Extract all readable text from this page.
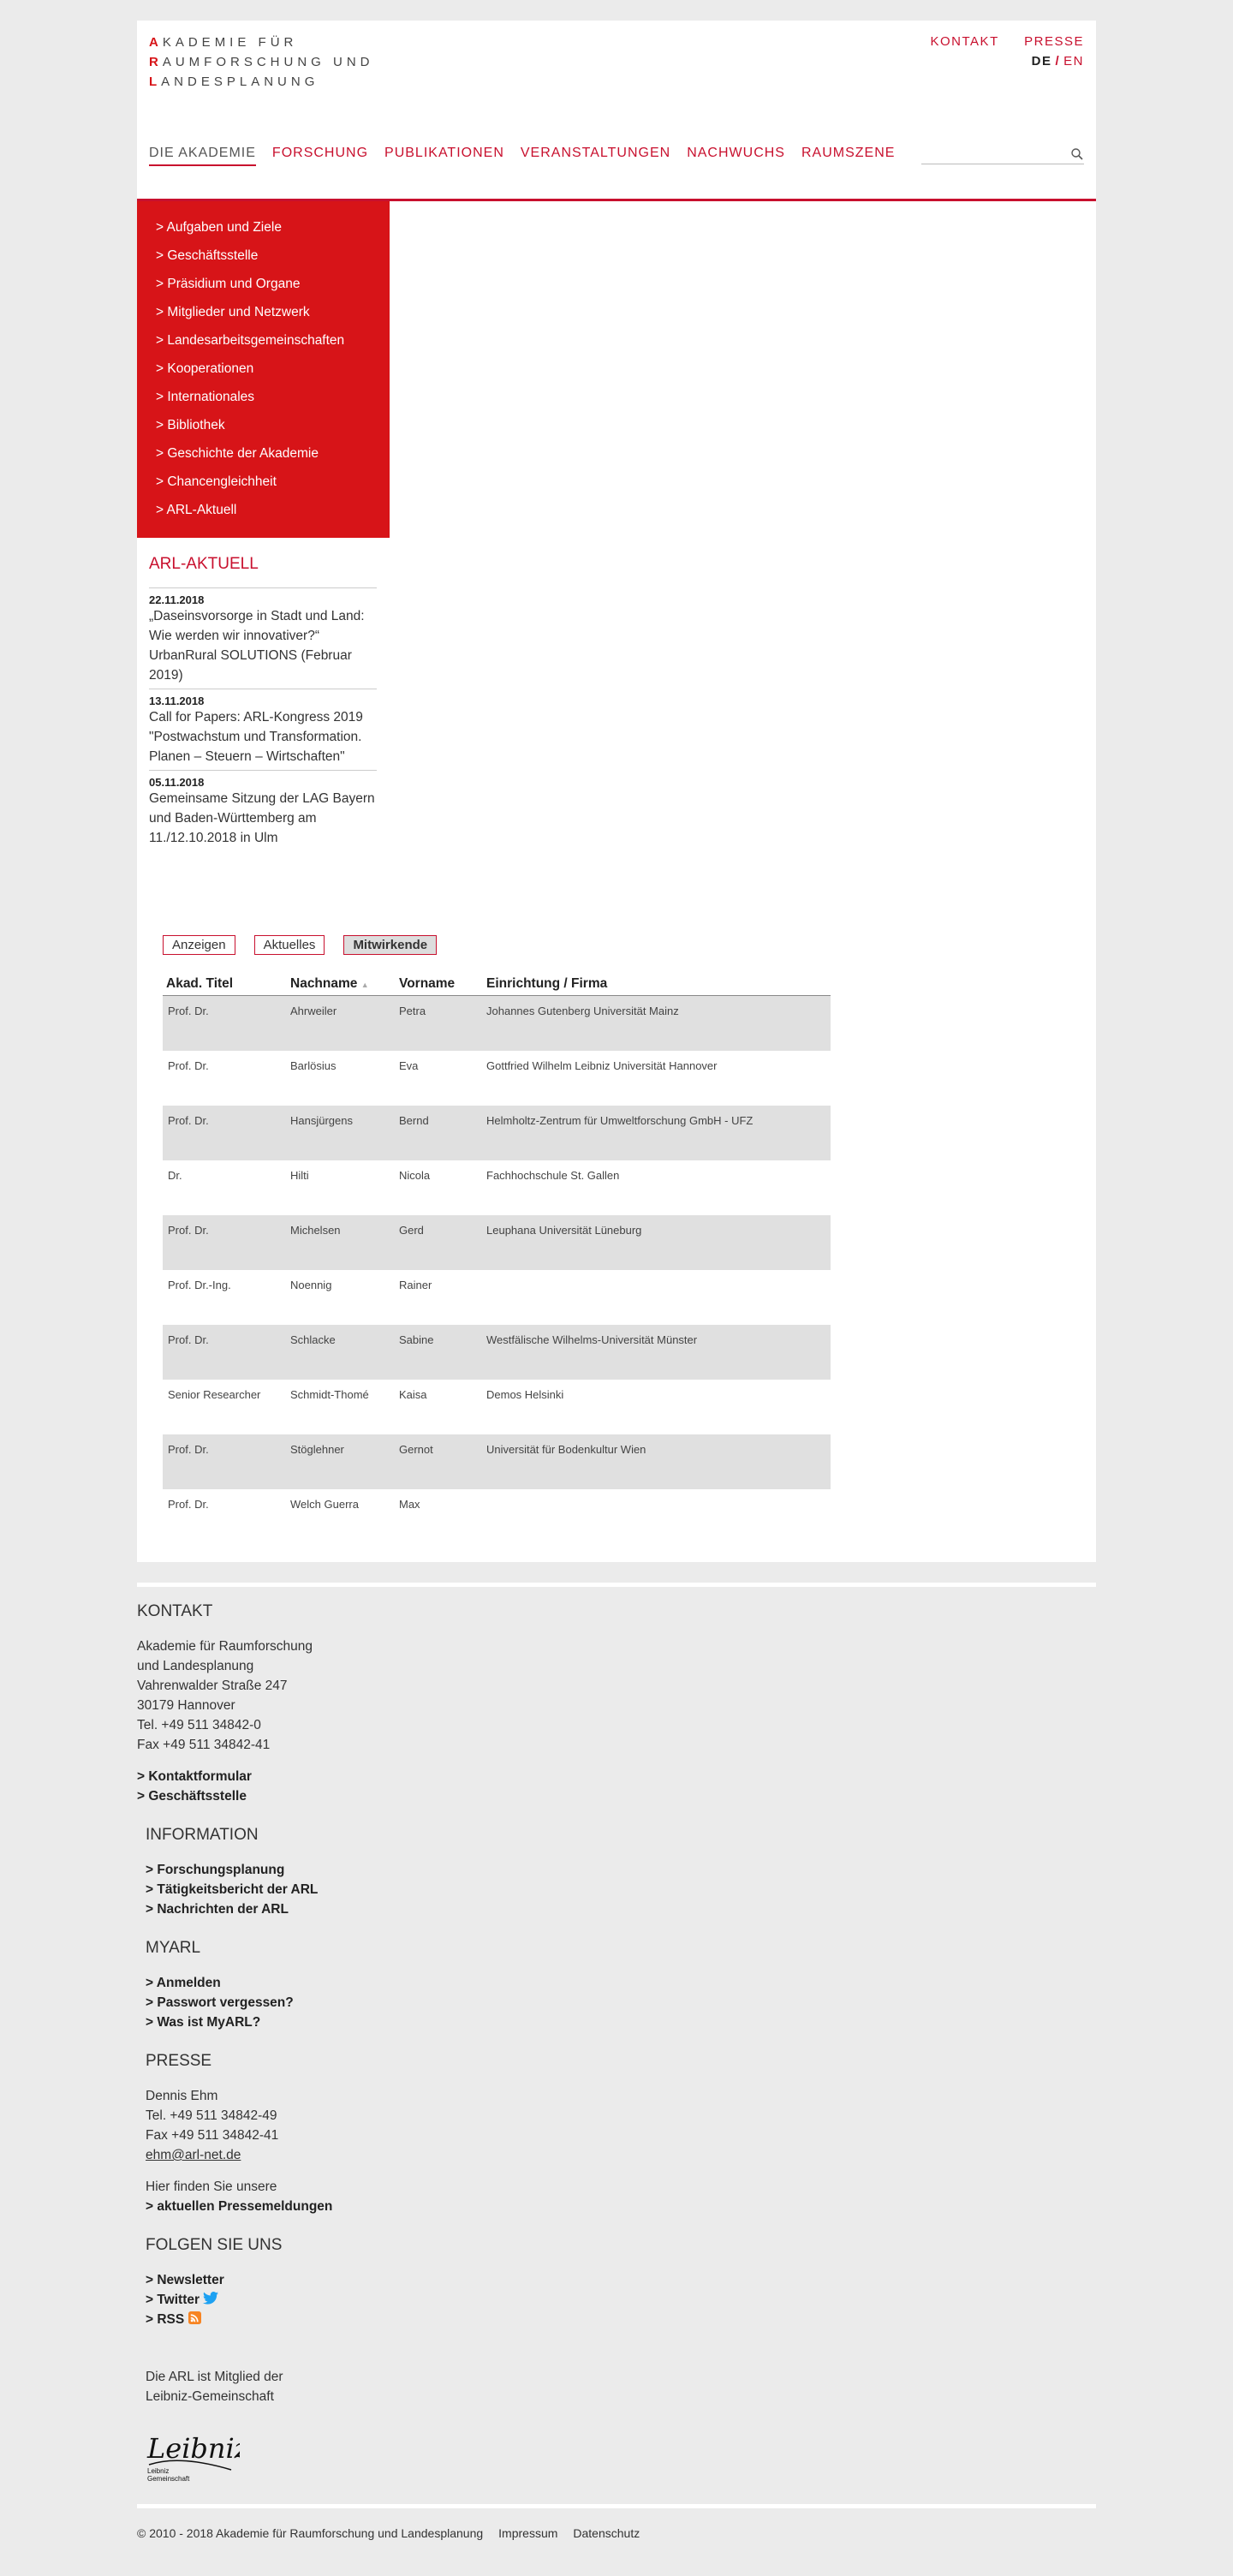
AKADEMIE FÜR
RAUMFORSCHUNG UND
LANDESPLANUNG
KONTAKT PRESSE
DE / EN
DIE AKADEMIE FORSCHUNG PUBLIKATIONEN VERANSTALTUNGEN NACHWUCHS RAUMSZENE
> Aufgaben und Ziele
> Geschäftsstelle
> Präsidium und Organe
> Mitglieder und Netzwerk
> Landesarbeitsgemeinschaften
> Kooperationen
> Internationales
> Bibliothek
> Geschichte der Akademie
> Chancengleichheit
> ARL-Aktuell
ARL-AKTUELL
22.11.2018
„Daseinsvorsorge in Stadt und Land: Wie werden wir innovativer?“ UrbanRural SOLUTIONS (Februar 2019)
13.11.2018
Call for Papers: ARL-Kongress 2019 "Postwachstum und Transformation. Planen – Steuern – Wirtschaften"
05.11.2018
Gemeinsame Sitzung der LAG Bayern und Baden-Württemberg am 11./12.10.2018 in Ulm
Anzeigen	Aktuelles	Mitwirkende
Akad. Titel	Nachname ▲	Vorname	Einrichtung / Firma
Prof. Dr.	Ahrweiler	Petra	Johannes Gutenberg Universität Mainz
Prof. Dr.	Barlösius	Eva	Gottfried Wilhelm Leibniz Universität Hannover
Prof. Dr.	Hansjürgens	Bernd	Helmholtz-Zentrum für Umweltforschung GmbH - UFZ
Dr.	Hilti	Nicola	Fachhochschule St. Gallen
Prof. Dr.	Michelsen	Gerd	Leuphana Universität Lüneburg
Prof. Dr.-Ing.	Noennig	Rainer	
Prof. Dr.	Schlacke	Sabine	Westfälische Wilhelms-Universität Münster
Senior Researcher	Schmidt-Thomé	Kaisa	Demos Helsinki
Prof. Dr.	Stöglehner	Gernot	Universität für Bodenkultur Wien
Prof. Dr.	Welch Guerra	Max	
KONTAKT

Akademie für Raumforschung

und Landesplanung

Vahrenwalder Straße 247

30179 Hannover

Tel. +49 511 34842-0

Fax +49 511 34842-41

> Kontaktformular
> Geschäftsstelle
INFORMATION
> Forschungsplanung
> Tätigkeitsbericht der ARL
> Nachrichten der ARL
MYARL
> Anmelden
> Passwort vergessen?
> Was ist MyARL?
PRESSE

Dennis Ehm

Tel. +49 511 34842-49

Fax +49 511 34842-41

ehm@arl-net.de

Hier finden Sie unsere

> aktuellen Pressemeldungen
FOLGEN SIE UNS
> Newsletter
> Twitter
> RSS

Die ARL ist Mitglied der

Leibniz-Gemeinschaft

Leibniz
Leibniz
Gemeinschaft
© 2010 - 2018 Akademie für Raumforschung und Landesplanung Impressum Datenschutz
